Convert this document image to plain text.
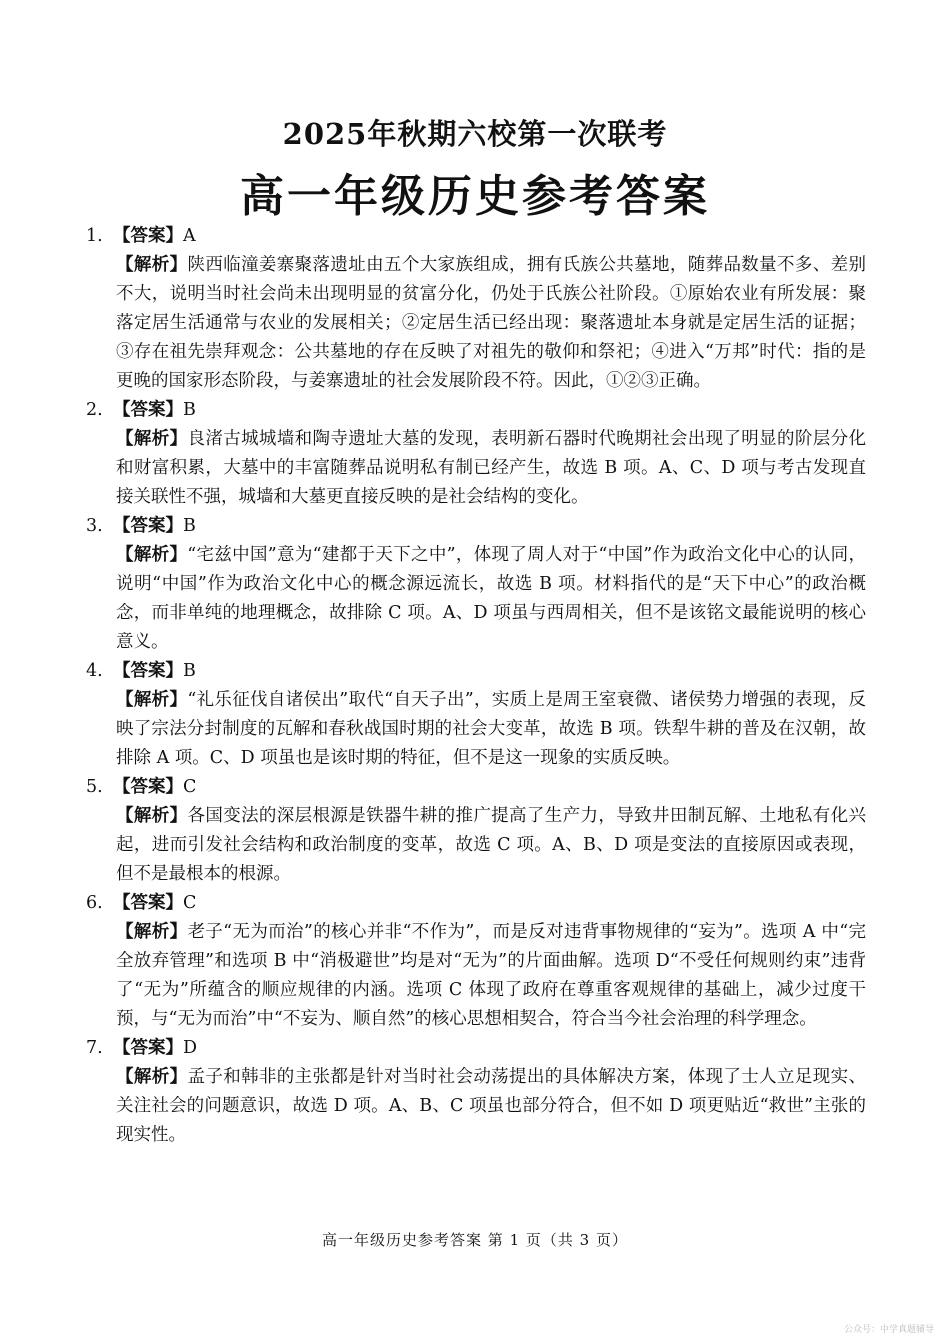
2025年秋期六校第一次联考
高一年级历史参考答案
1. 【答案】A
【解析】陕西临潼姜寨聚落遗址由五个大家族组成，拥有氏族公共墓地，随葬品数量不多、差别不大，说明当时社会尚未出现明显的贫富分化，仍处于氏族公社阶段。①原始农业有所发展：聚落定居生活通常与农业的发展相关；②定居生活已经出现：聚落遗址本身就是定居生活的证据；③存在祖先崇拜观念：公共墓地的存在反映了对祖先的敬仰和祭祀；④进入“万邦”时代：指的是更晚的国家形态阶段，与姜寨遗址的社会发展阶段不符。因此，①②③正确。
2. 【答案】B
【解析】良渚古城城墙和陶寺遗址大墓的发现，表明新石器时代晚期社会出现了明显的阶层分化和财富积累，大墓中的丰富随葬品说明私有制已经产生，故选 B 项。A、C、D 项与考古发现直接关联性不强，城墙和大墓更直接反映的是社会结构的变化。
3. 【答案】B
【解析】“宅兹中国”意为“建都于天下之中”，体现了周人对于“中国”作为政治文化中心的认同，说明“中国”作为政治文化中心的概念源远流长，故选 B 项。材料指代的是“天下中心”的政治概念，而非单纯的地理概念，故排除 C 项。A、D 项虽与西周相关，但不是该铭文最能说明的核心意义。
4. 【答案】B
【解析】“礼乐征伐自诸侯出”取代“自天子出”，实质上是周王室衰微、诸侯势力增强的表现，反映了宗法分封制度的瓦解和春秋战国时期的社会大变革，故选 B 项。铁犁牛耕的普及在汉朝，故排除 A 项。C、D 项虽也是该时期的特征，但不是这一现象的实质反映。
5. 【答案】C
【解析】各国变法的深层根源是铁器牛耕的推广提高了生产力，导致井田制瓦解、土地私有化兴起，进而引发社会结构和政治制度的变革，故选 C 项。A、B、D 项是变法的直接原因或表现，但不是最根本的根源。
6. 【答案】C
【解析】老子“无为而治”的核心并非“不作为”，而是反对违背事物规律的“妄为”。选项 A 中“完全放弃管理”和选项 B 中“消极避世”均是对“无为”的片面曲解。选项 D“不受任何规则约束”违背了“无为”所蕴含的顺应规律的内涵。选项 C 体现了政府在尊重客观规律的基础上，减少过度干预，与“无为而治”中“不妄为、顺自然”的核心思想相契合，符合当今社会治理的科学理念。
7. 【答案】D
【解析】孟子和韩非的主张都是针对当时社会动荡提出的具体解决方案，体现了士人立足现实、关注社会的问题意识，故选 D 项。A、B、C 项虽也部分符合，但不如 D 项更贴近“救世”主张的现实性。
高一年级历史参考答案 第 1 页（共 3 页）
公众号：中学真题辅导
